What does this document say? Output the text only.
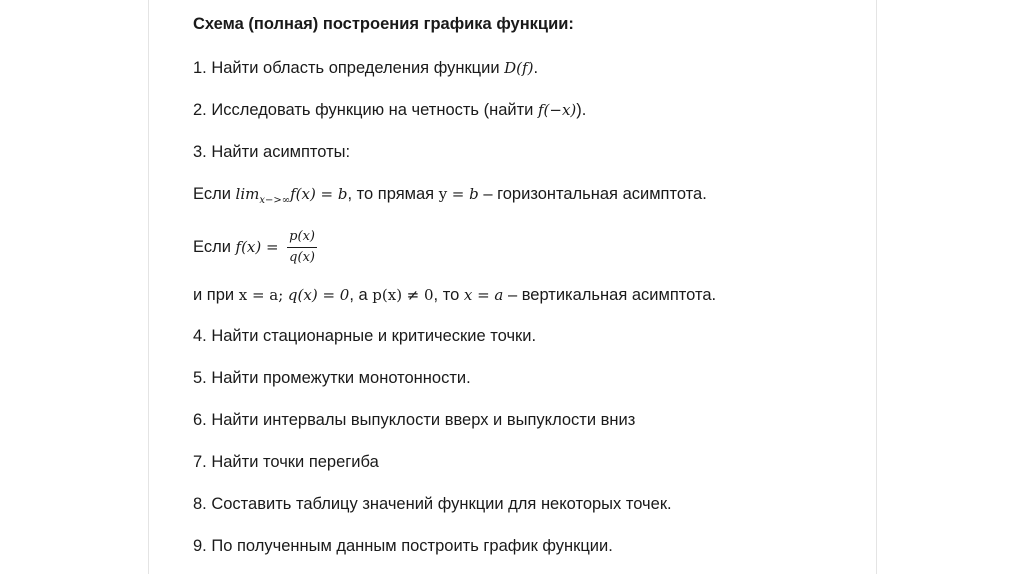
Схема (полная) построения графика функции:
1. Найти область определения функции D(f).
2. Исследовать функцию на четность (найти f(−x)).
3. Найти асимптоты:
Если $\lim_{x->\infty}f(x) = b$, то прямая y = b – горизонтальная асимптота.
Если $f(x) = \frac{p(x)}{q(x)}$
и при x = a; q(x) = 0, а p(x) ≠ 0, то x = a – вертикальная асимптота.
4. Найти стационарные и критические точки.
5. Найти промежутки монотонности.
6. Найти интервалы выпуклости вверх и выпуклости вниз
7. Найти точки перегиба
8. Составить таблицу значений функции для некоторых точек.
9. По полученным данным построить график функции.
